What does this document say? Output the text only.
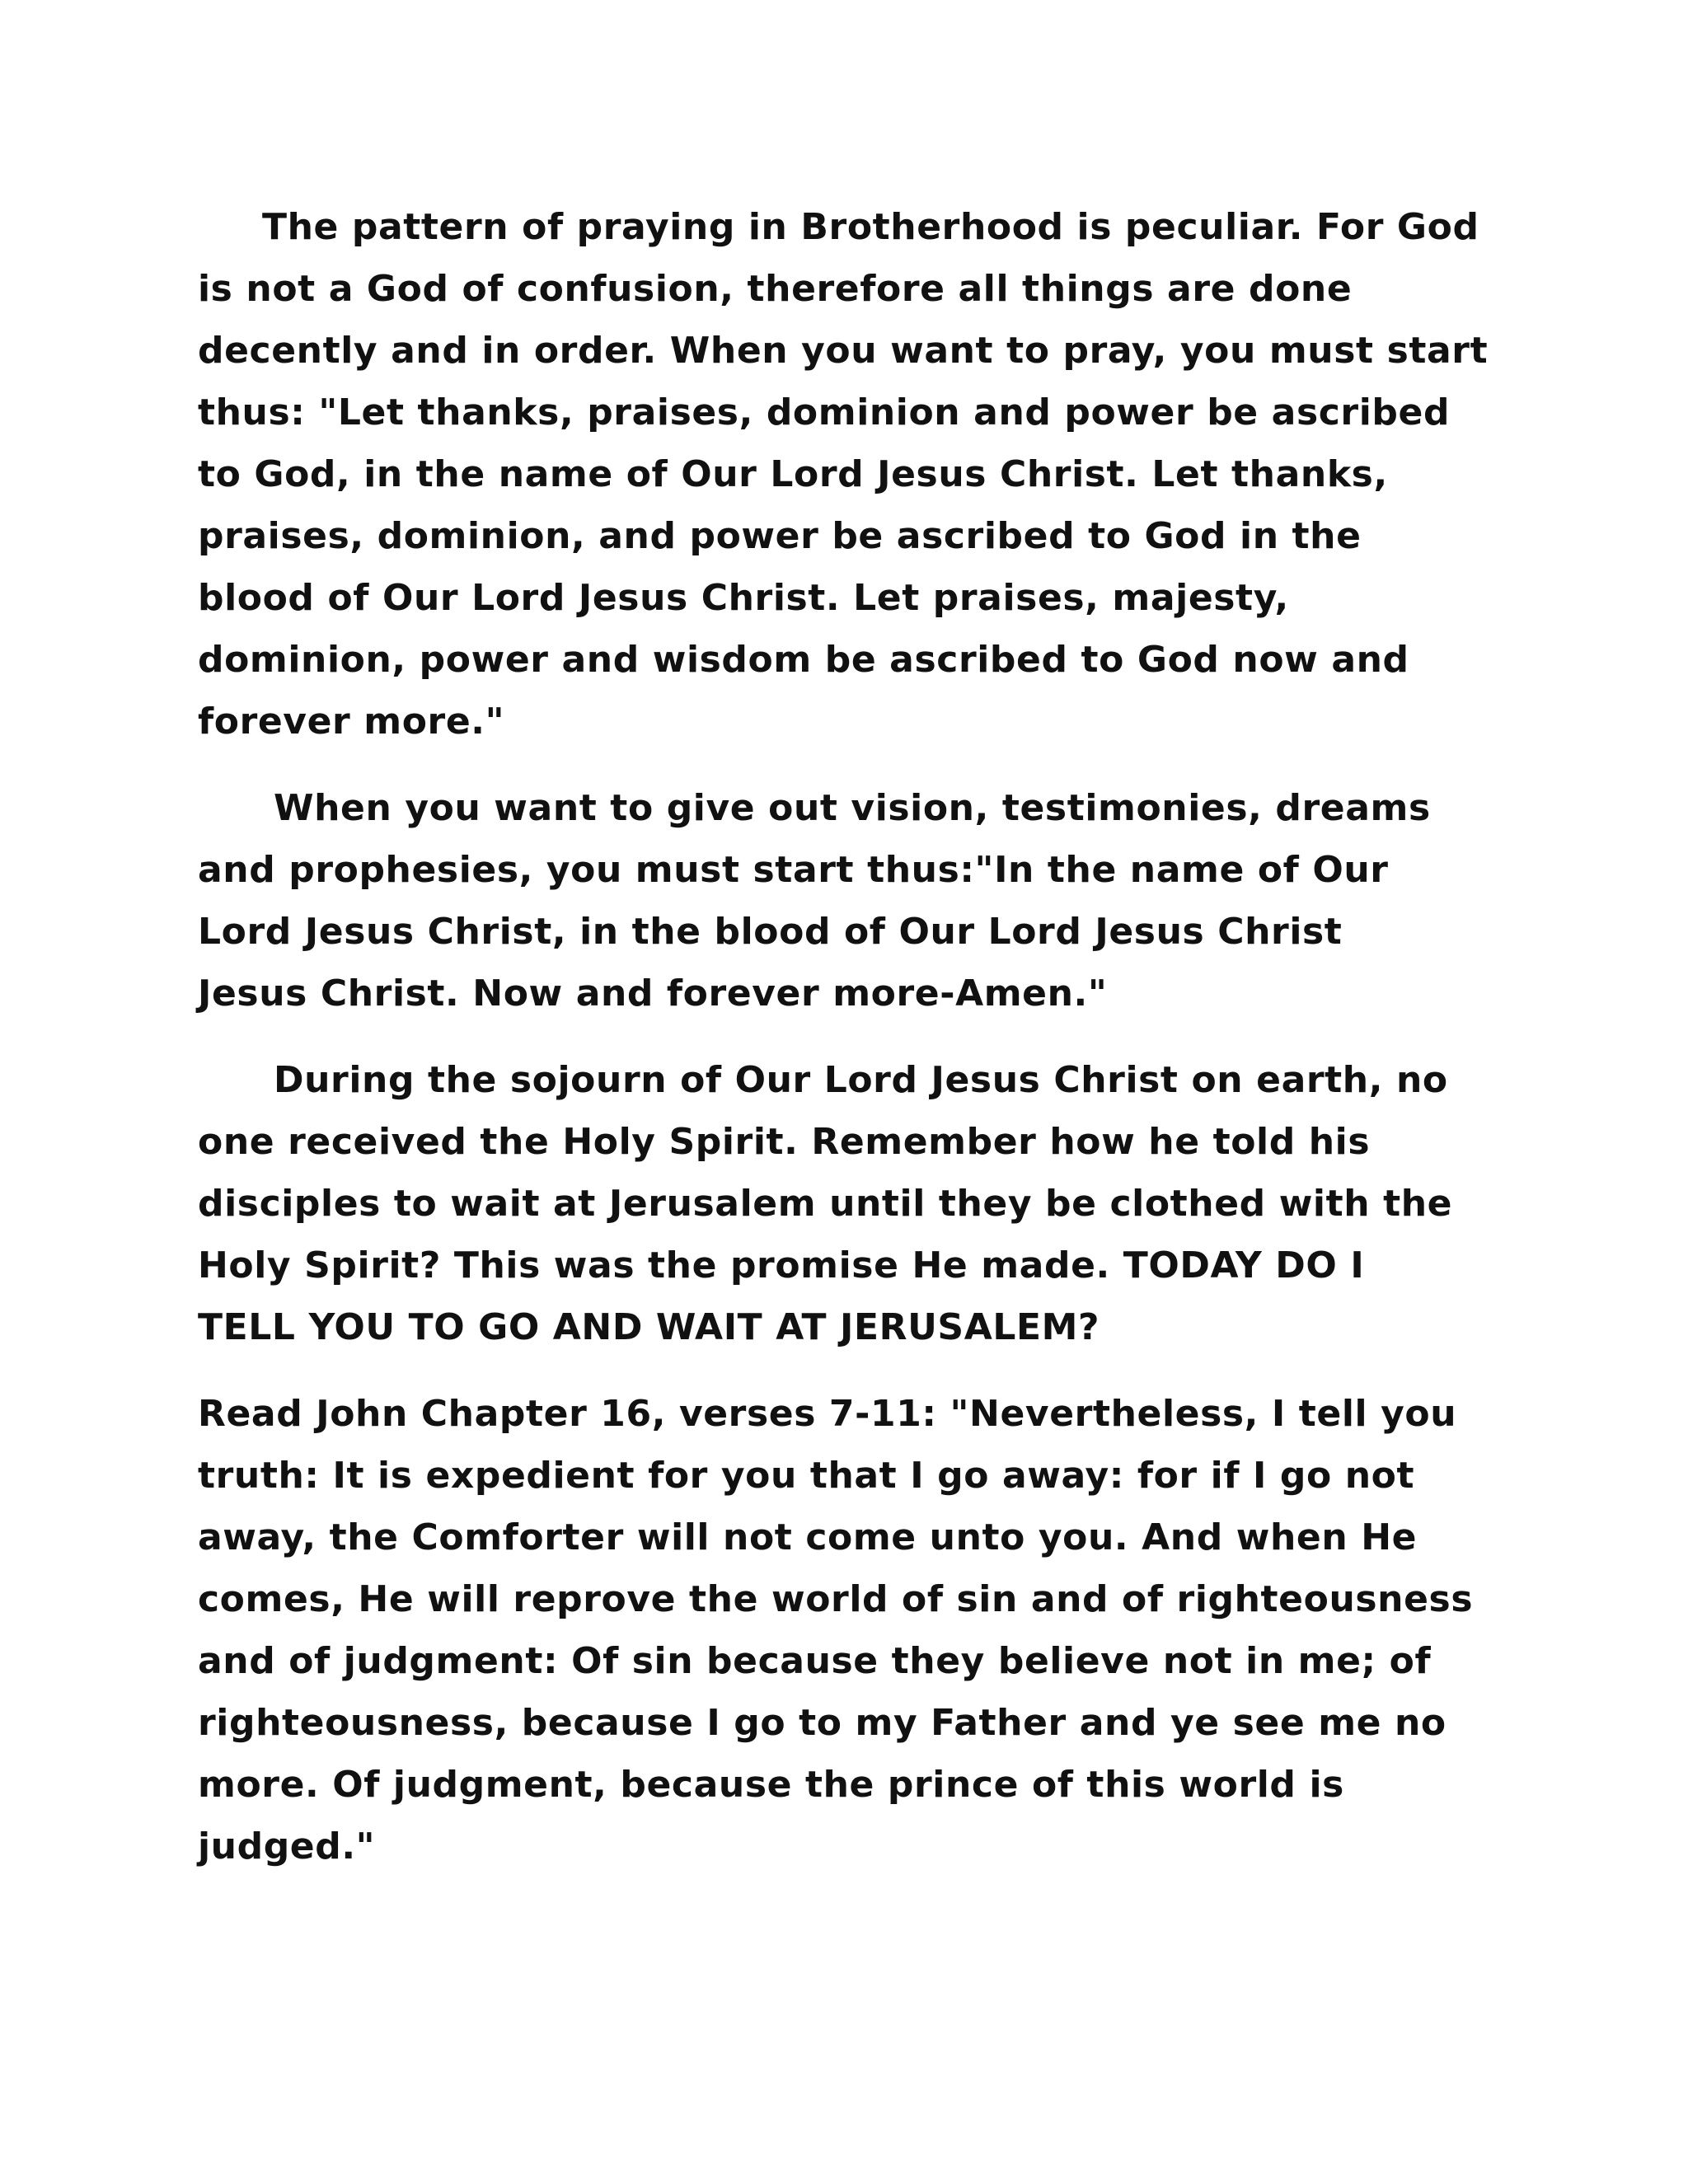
The pattern of praying in Brotherhood is peculiar. For God
is not a God of confusion, therefore all things are done
decently and in order. When you want to pray, you must start
thus: "Let thanks, praises, dominion and power be ascribed
to God, in the name of Our Lord Jesus Christ. Let thanks,
praises, dominion, and power be ascribed to God in the
blood of Our Lord Jesus Christ. Let praises, majesty,
dominion, power and wisdom be ascribed to God now and
forever more."

When you want to give out vision, testimonies, dreams
and prophesies, you must start thus:"In the name of Our
Lord Jesus Christ, in the blood of Our Lord Jesus Christ
Jesus Christ. Now and forever more-Amen."

During the sojourn of Our Lord Jesus Christ on earth, no
one received the Holy Spirit. Remember how he told his
disciples to wait at Jerusalem until they be clothed with the
Holy Spirit? This was the promise He made. TODAY DO I
TELL YOU TO GO AND WAIT AT JERUSALEM?

Read John Chapter 16, verses 7-11: "Nevertheless, I tell you
truth: It is expedient for you that I go away: for if I go not
away, the Comforter will not come unto you. And when He
comes, He will reprove the world of sin and of righteousness
and of judgment: Of sin because they believe not in me; of
righteousness, because I go to my Father and ye see me no
more. Of judgment, because the prince of this world is
judged."
